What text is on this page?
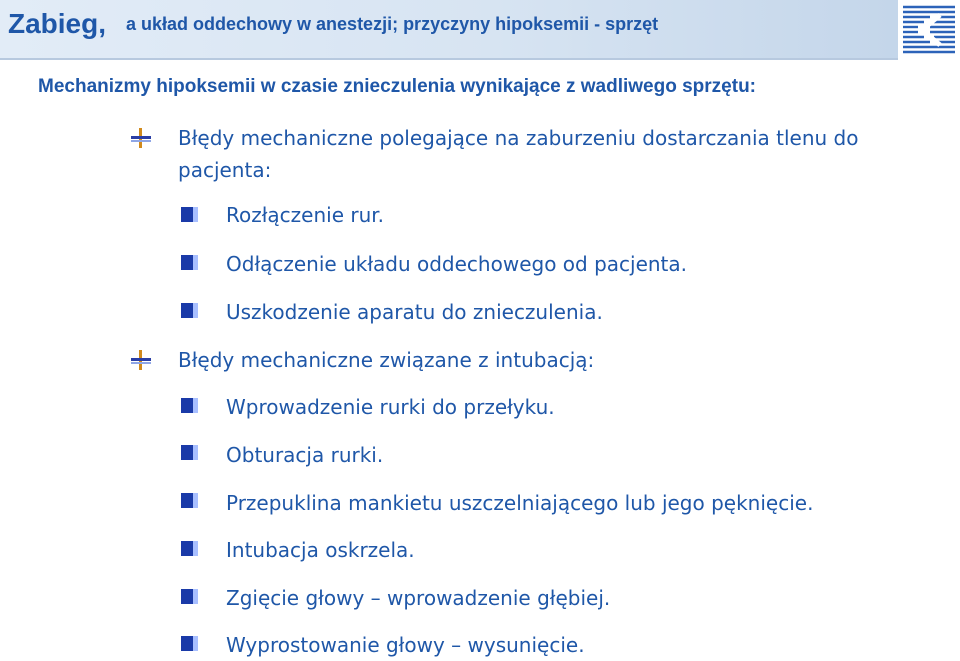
Zabieg, a układ oddechowy w anestezji; przyczyny hipoksemii - sprzęt
Mechanizmy hipoksemii w czasie znieczulenia wynikające z wadliwego sprzętu:
Błędy mechaniczne polegające na zaburzeniu dostarczania tlenu do pacjenta:
Rozłączenie rur.
Odłączenie układu oddechowego od pacjenta.
Uszkodzenie aparatu do znieczulenia.
Błędy mechaniczne związane z intubacją:
Wprowadzenie rurki do przełyku.
Obturacja rurki.
Przepuklina mankietu uszczelniającego lub jego pęknięcie.
Intubacja oskrzela.
Zgięcie głowy – wprowadzenie głębiej.
Wyprostowanie głowy – wysunięcie.
